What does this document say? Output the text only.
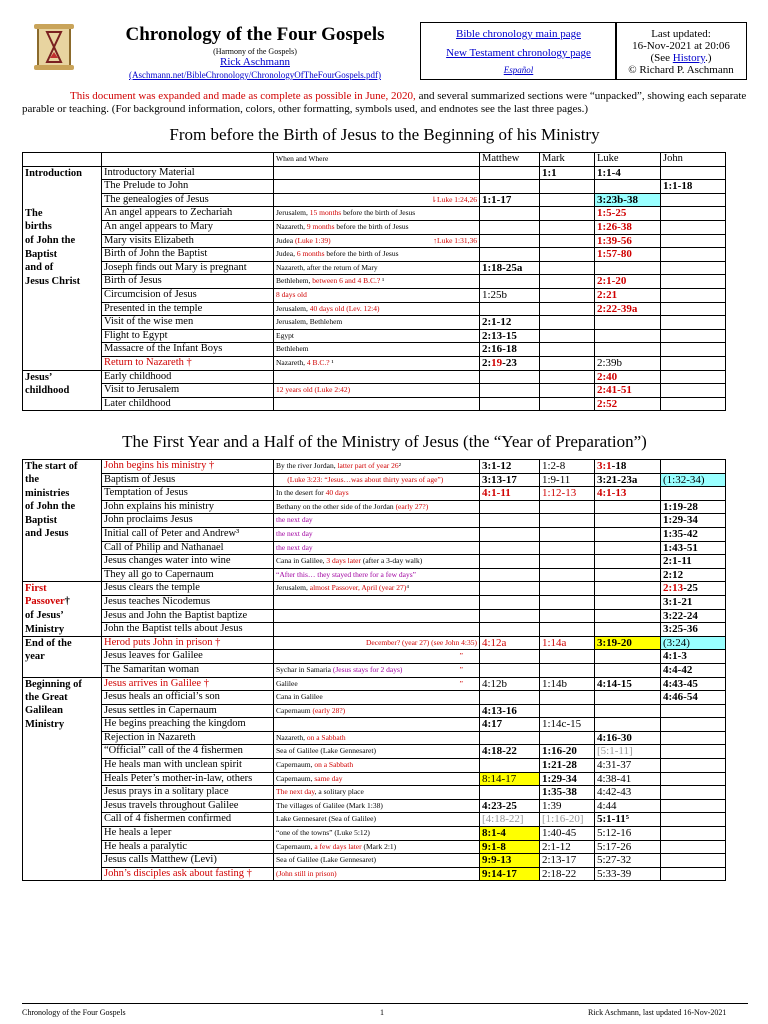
Chronology of the Four Gospels
(Harmony of the Gospels)
Rick Aschmann
(Aschmann.net/BibleChronology/ChronologyOfTheFourGospels.pdf)
Bible chronology main page
New Testament chronology page
Español
Last updated:
16-Nov-2021 at 20:06
(See History.)
© Richard P. Aschmann
This document was expanded and made as complete as possible in June, 2020, and several summarized sections were “unpacked”, showing each separate parable or teaching. (For background information, colors, other formatting, symbols used, and endnotes see the last three pages.)
From before the Birth of Jesus to the Beginning of his Ministry
		When and Where	Matthew	Mark	Luke	John	
Introduction	Introductory Material			1:1	1:1-4		
	The Prelude to John					1:1-18	
	The genealogies of Jesus	⇂Luke 1:24,26	1:1-17		3:23b-38		
The	An angel appears to Zechariah	Jerusalem, 15 months before the birth of Jesus			1:5-25		
births	An angel appears to Mary	Nazareth, 9 months before the birth of Jesus			1:26-38		
of John the	Mary visits Elizabeth	Judea (Luke 1:39) ↑Luke 1:31,36			1:39-56		
Baptist	Birth of John the Baptist	Judea, 6 months before the birth of Jesus			1:57-80		
and of	Joseph finds out Mary is pregnant	Nazareth, after the return of Mary	1:18-25a				
Jesus Christ	Birth of Jesus	Bethlehem, between 6 and 4 B.C.? ¹			2:1-20		
	Circumcision of Jesus	8 days old	1:25b		2:21		
	Presented in the temple	Jerusalem, 40 days old (Lev. 12:4)			2:22-39a		
	Visit of the wise men	Jerusalem, Bethlehem	2:1-12				
	Flight to Egypt	Egypt	2:13-15				
	Massacre of the Infant Boys	Bethlehem	2:16-18				
	Return to Nazareth †	Nazareth, 4 B.C.? ¹	2:19-23		2:39b		
Jesus’	Early childhood				2:40		
childhood	Visit to Jerusalem	12 years old (Luke 2:42)			2:41-51		
	Later childhood				2:52		
The First Year and a Half of the Ministry of Jesus (the “Year of Preparation”)
The start of	John begins his ministry †	By the river Jordan, latter part of year 26²	3:1-12	1:2-8	3:1-18		
the	Baptism of Jesus	(Luke 3:23: “Jesus…was about thirty years of age”)	3:13-17	1:9-11	3:21-23a	(1:32-34)	
ministries	Temptation of Jesus	In the desert for 40 days	4:1-11	1:12-13	4:1-13		
of John the	John explains his ministry	Bethany on the other side of the Jordan (early 27?)				1:19-28	
Baptist	John proclaims Jesus	the next day				1:29-34	
and Jesus	Initial call of Peter and Andrew³	the next day				1:35-42	
	Call of Philip and Nathanael	the next day				1:43-51	
	Jesus changes water into wine	Cana in Galilee, 3 days later (after a 3-day walk)				2:1-11	
	They all go to Capernaum	“After this… they stayed there for a few days”				2:12	
First	Jesus clears the temple	Jerusalem, almost Passover, April (year 27)⁴				2:13-25	
Passover†	Jesus teaches Nicodemus					3:1-21	
of Jesus’	Jesus and John the Baptist baptize					3:22-24	
Ministry	John the Baptist tells about Jesus					3:25-36	
End of the	Herod puts John in prison †	December? (year 27) (see John 4:35)	4:12a	1:14a	3:19-20	(3:24)	
year	Jesus leaves for Galilee	”				4:1-3	
	The Samaritan woman	Sychar in Samaria (Jesus stays for 2 days) ”				4:4-42	
Beginning of	Jesus arrives in Galilee †	Galilee ”	4:12b	1:14b	4:14-15	4:43-45	
the Great	Jesus heals an official’s son	Cana in Galilee				4:46-54	
Galilean	Jesus settles in Capernaum	Capernaum (early 28?)	4:13-16				
Ministry	He begins preaching the kingdom		4:17	1:14c-15			
	Rejection in Nazareth	Nazareth, on a Sabbath			4:16-30		
	“Official” call of the 4 fishermen	Sea of Galilee (Lake Gennesaret)	4:18-22	1:16-20	[5:1-11]		
	He heals man with unclean spirit	Capernaum, on a Sabbath		1:21-28	4:31-37		
	Heals Peter’s mother-in-law, others	Capernaum, same day	8:14-17	1:29-34	4:38-41		
	Jesus prays in a solitary place	The next day, a solitary place		1:35-38	4:42-43		
	Jesus travels throughout Galilee	The villages of Galilee (Mark 1:38)	4:23-25	1:39	4:44		
	Call of 4 fishermen confirmed	Lake Gennesaret (Sea of Galilee)	[4:18-22]	[1:16-20]	5:1-11⁵		
	He heals a leper	“one of the towns” (Luke 5:12)	8:1-4	1:40-45	5:12-16		
	He heals a paralytic	Capernaum, a few days later (Mark 2:1)	9:1-8	2:1-12	5:17-26		
	Jesus calls Matthew (Levi)	Sea of Galilee (Lake Gennesaret)	9:9-13	2:13-17	5:27-32		
	John’s disciples ask about fasting †	(John still in prison)	9:14-17	2:18-22	5:33-39		
Chronology of the Four Gospels	1	Rick Aschmann, last updated 16-Nov-2021
